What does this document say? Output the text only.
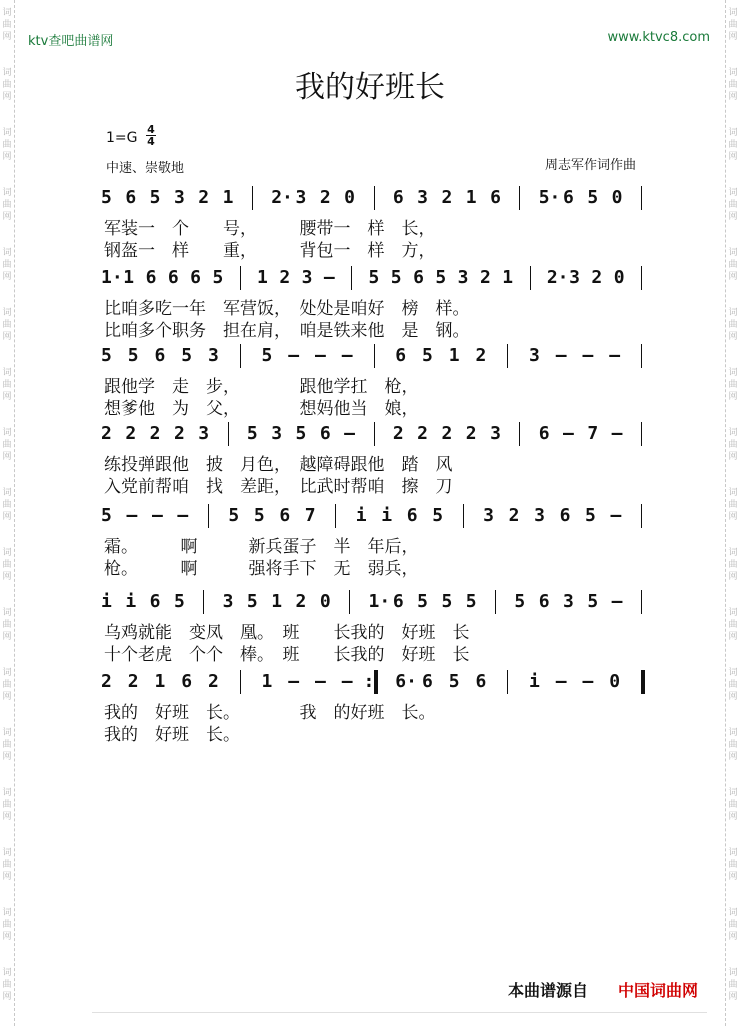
词
曲
网
词
曲
网
词
曲
网
词
曲
网
词
曲
网
词
曲
网
词
曲
网
词
曲
网
词
曲
网
词
曲
网
词
曲
网
词
曲
网
词
曲
网
词
曲
网
词
曲
网
词
曲
网
词
曲
网
词
曲
网
词
曲
网
词
曲
网
词
曲
网
词
曲
网
词
曲
网
词
曲
网
词
曲
网
词
曲
网
词
曲
网
词
曲
网
词
曲
网
词
曲
网
词
曲
网
词
曲
网
词
曲
网
词
曲
网
ktv查吧曲谱网	www.ktvc8.com
我的好班长
$1=G \frac{4}{4}$
中速、崇敬地	周志军作词作曲
5 6 5 3 2 1 2· 3 2 0 6 3 2 1 6 5· 6 5 0
军装一　个　　号，　　　腰带一　样　长，
钢盔一　样　　重，　　　背包一　样　方，
1· 1 6 6 6 5 1 2 3 – 5 5 6 5 3 2 1 2· 3 2 0
比咱多吃一年　军营饭，　处处是咱好　榜　样。
比咱多个职务　担在肩，　咱是铁来他　是　钢。
5 5 6 5 3 5 – – – 6 5 1 2 3 – – –
跟他学　走　步，　　　　跟他学扛　枪，
想爹他　为　父，　　　　想妈他当　娘，
2 2 2 2 3 5 3 5 6 – 2 2 2 2 3 6 – 7 –
练投弹跟他　披　月色，　越障碍跟他　踏　风
入党前帮咱　找　差距，　比武时帮咱　擦　刀
5 – – – 5 5 6 7 i i 6 5 3 2 3 6 5 –
霜。　　　啊　　　新兵蛋子　半　年后，
枪。　　　啊　　　强将手下　无　弱兵，
i i 6 5 3 5 1 2 0 1· 6 5 5 5 5 6 3 5 –
乌鸡就能　变凤　凰。　班　　长我的　好班　长
十个老虎　个个　棒。　班　　长我的　好班　长
2 2 1 6 2 1 – – – : 6· 6 5 6 i – – 0
我的　好班　长。　　　　我　的好班　长。
我的　好班　长。
本曲谱源自 中国词曲网
